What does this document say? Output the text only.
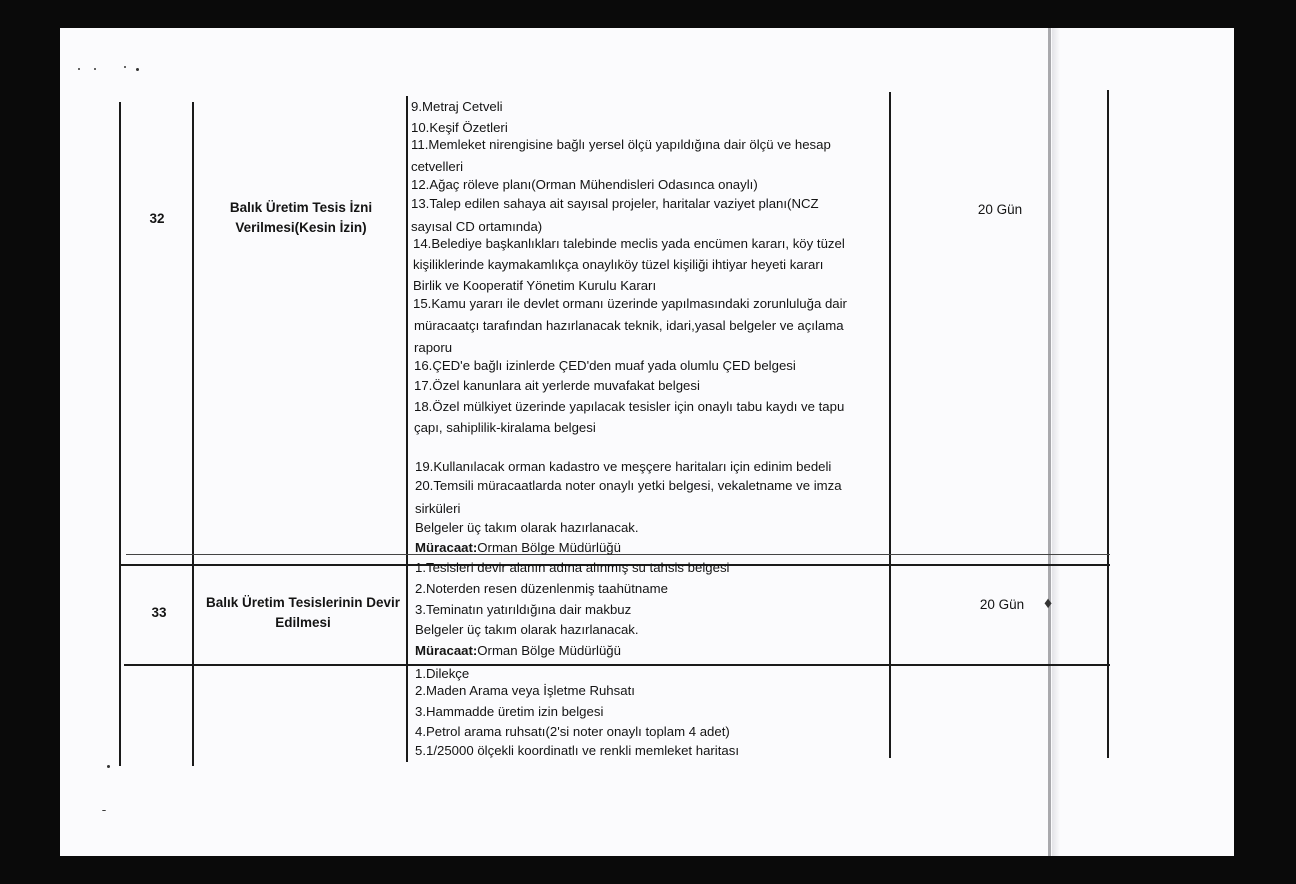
32
Balık Üretim Tesis İzni
Verilmesi(Kesin İzin)
20 Gün
9.Metraj Cetveli
10.Keşif Özetleri
11.Memleket nirengisine bağlı yersel ölçü yapıldığına dair ölçü ve hesap
cetvelleri
12.Ağaç röleve planı(Orman Mühendisleri Odasınca onaylı)
13.Talep edilen sahaya ait sayısal projeler, haritalar vaziyet planı(NCZ
sayısal CD ortamında)
14.Belediye başkanlıkları talebinde meclis yada encümen kararı, köy tüzel
kişiliklerinde kaymakamlıkça onaylıköy tüzel kişiliği ihtiyar heyeti kararı
Birlik ve Kooperatif Yönetim Kurulu Kararı
15.Kamu yararı ile devlet ormanı üzerinde yapılmasındaki zorunluluğa dair
müracaatçı tarafından hazırlanacak teknik, idari,yasal belgeler ve açılama
raporu
16.ÇED'e bağlı izinlerde ÇED'den muaf yada olumlu ÇED belgesi
17.Özel kanunlara ait yerlerde muvafakat belgesi
18.Özel mülkiyet üzerinde yapılacak tesisler için onaylı tabu kaydı ve tapu
çapı, sahiplilik-kiralama belgesi
19.Kullanılacak orman kadastro ve meşçere haritaları için edinim bedeli
20.Temsili müracaatlarda noter onaylı yetki belgesi, vekaletname ve imza
sirküleri
Belgeler üç takım olarak hazırlanacak.
Müracaat:Orman Bölge Müdürlüğü
33
Balık Üretim Tesislerinin Devir
Edilmesi
20 Gün	♦
1.Tesisleri devir alanın adına alınmış su tahsis belgesi
2.Noterden resen düzenlenmiş taahütname
3.Teminatın yatırıldığına dair makbuz
Belgeler üç takım olarak hazırlanacak.
Müracaat:Orman Bölge Müdürlüğü
1.Dilekçe
2.Maden Arama veya İşletme Ruhsatı
3.Hammadde üretim izin belgesi
4.Petrol arama ruhsatı(2'si noter onaylı toplam 4 adet)
5.1/25000 ölçekli koordinatlı ve renkli memleket haritası
